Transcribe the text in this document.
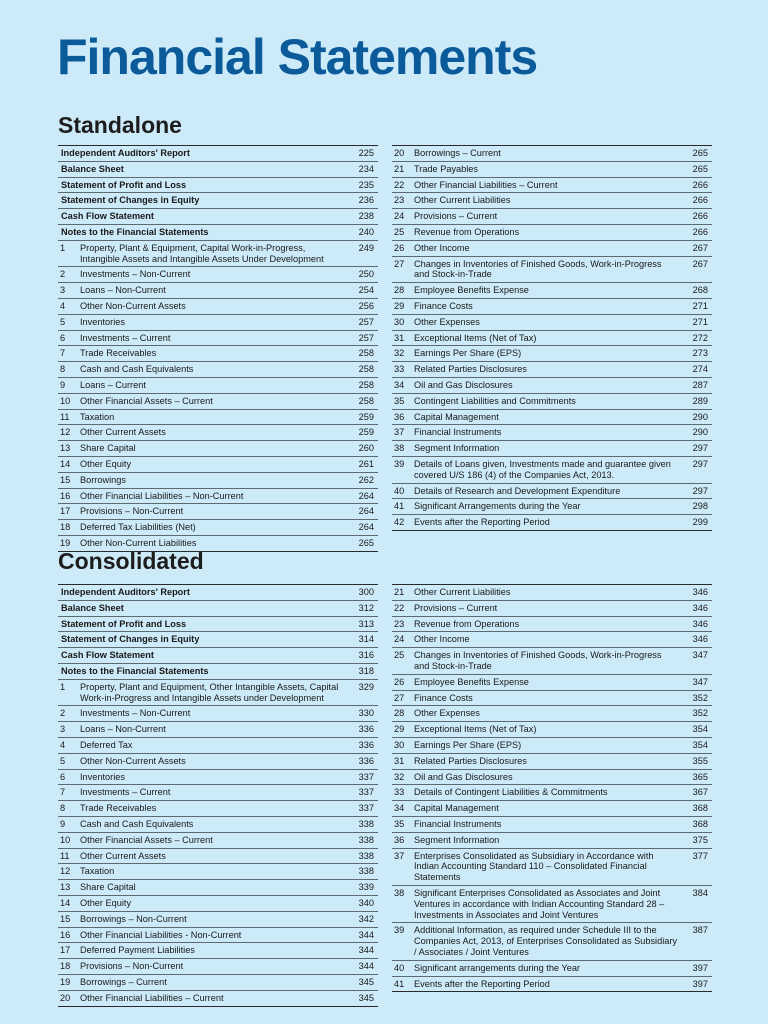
Financial Statements
Standalone
Independent Auditors' Report	225
Balance Sheet	234
Statement of Profit and Loss	235
Statement of Changes in Equity	236
Cash Flow Statement	238
Notes to the Financial Statements	240
1	Property, Plant & Equipment, Capital Work-in-Progress, Intangible Assets and Intangible Assets Under Development
249
2	Investments – Non-Current	250
3	Loans – Non-Current	254
4	Other Non-Current Assets	256
5	Inventories	257
6	Investments – Current	257
7	Trade Receivables	258
8	Cash and Cash Equivalents	258
9	Loans – Current	258
10	Other Financial Assets – Current	258
11	Taxation	259
12	Other Current Assets	259
13	Share Capital	260
14	Other Equity	261
15	Borrowings	262
16	Other Financial Liabilities – Non-Current	264
17	Provisions – Non-Current	264
18	Deferred Tax Liabilities (Net)	264
19	Other Non-Current Liabilities	265
20	Borrowings – Current	265
21	Trade Payables	265
22	Other Financial Liabilities – Current	266
23	Other Current Liabilities	266
24	Provisions – Current	266
25	Revenue from Operations	266
26	Other Income	267
27	Changes in Inventories of Finished Goods, Work-in-Progress and Stock-in-Trade
267
28	Employee Benefits Expense	268
29	Finance Costs	271
30	Other Expenses	271
31	Exceptional Items (Net of Tax)	272
32	Earnings Per Share (EPS)	273
33	Related Parties Disclosures	274
34	Oil and Gas Disclosures	287
35	Contingent Liabilities and Commitments	289
36	Capital Management	290
37	Financial Instruments	290
38	Segment Information	297
39	Details of Loans given, Investments made and guarantee given covered U/S 186 (4) of the Companies Act, 2013.
297
40	Details of Research and Development Expenditure	297
41	Significant Arrangements during the Year	298
42	Events after the Reporting Period	299
Consolidated
Independent Auditors' Report	300
Balance Sheet	312
Statement of Profit and Loss	313
Statement of Changes in Equity	314
Cash Flow Statement	316
Notes to the Financial Statements	318
1	Property, Plant and Equipment, Other Intangible Assets, Capital Work-in-Progress and Intangible Assets under Development
329
2	Investments – Non-Current	330
3	Loans – Non-Current	336
4	Deferred Tax	336
5	Other Non-Current Assets	336
6	Inventories	337
7	Investments – Current	337
8	Trade Receivables	337
9	Cash and Cash Equivalents	338
10	Other Financial Assets – Current	338
11	Other Current Assets	338
12	Taxation	338
13	Share Capital	339
14	Other Equity	340
15	Borrowings – Non-Current	342
16	Other Financial Liabilities - Non-Current	344
17	Deferred Payment Liabilities	344
18	Provisions – Non-Current	344
19	Borrowings – Current	345
20	Other Financial Liabilities – Current	345
21	Other Current Liabilities	346
22	Provisions – Current	346
23	Revenue from Operations	346
24	Other Income	346
25	Changes in Inventories of Finished Goods, Work-in-Progress and Stock-in-Trade
347
26	Employee Benefits Expense	347
27	Finance Costs	352
28	Other Expenses	352
29	Exceptional Items (Net of Tax)	354
30	Earnings Per Share (EPS)	354
31	Related Parties Disclosures	355
32	Oil and Gas Disclosures	365
33	Details of Contingent Liabilities & Commitments	367
34	Capital Management	368
35	Financial Instruments	368
36	Segment Information	375
37	Enterprises Consolidated as Subsidiary in Accordance with Indian Accounting Standard 110 – Consolidated Financial Statements
377
38	Significant Enterprises Consolidated as Associates and Joint Ventures in accordance with Indian Accounting Standard 28 – Investments in Associates and Joint Ventures
384
39	Additional Information, as required under Schedule III to the Companies Act, 2013, of Enterprises Consolidated as Subsidiary / Associates / Joint Ventures
387
40	Significant arrangements during the Year	397
41	Events after the Reporting Period	397
